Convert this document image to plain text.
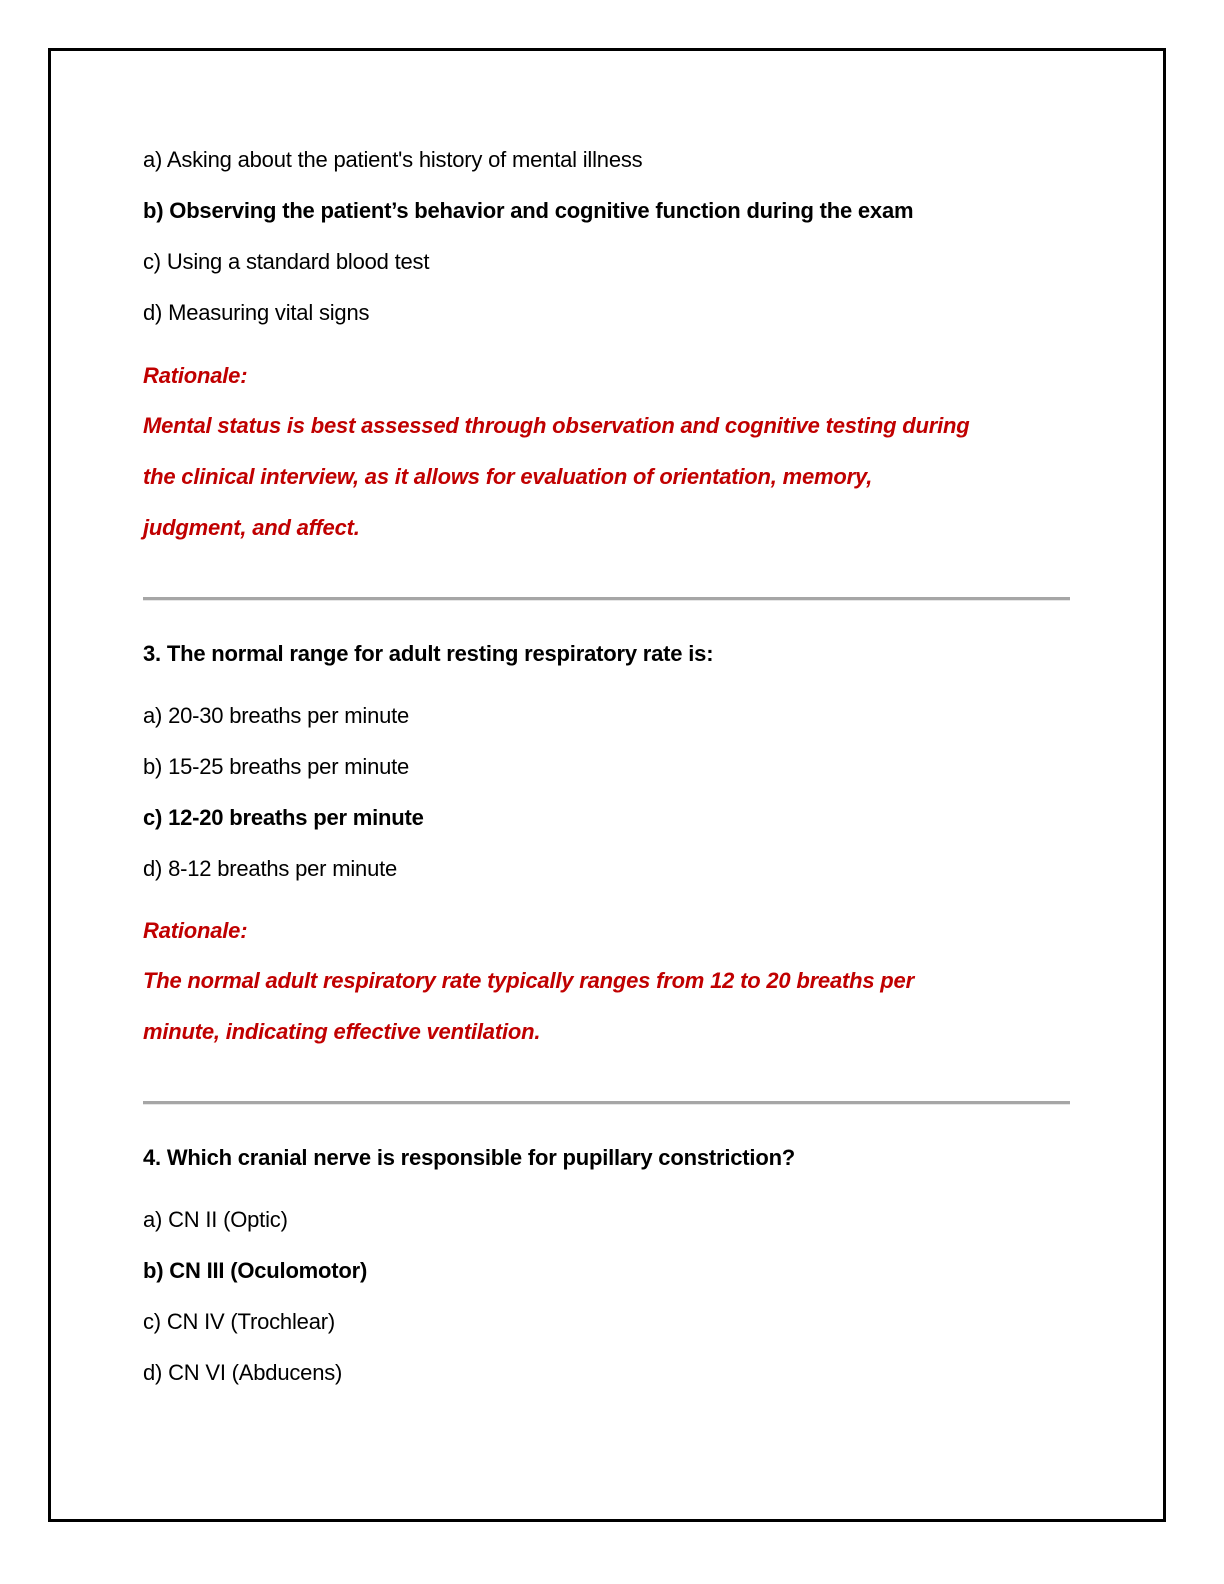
a) Asking about the patient's history of mental illness
b) Observing the patient’s behavior and cognitive function during the exam
c) Using a standard blood test
d) Measuring vital signs
Rationale:
Mental status is best assessed through observation and cognitive testing during
the clinical interview, as it allows for evaluation of orientation, memory,
judgment, and affect.
3. The normal range for adult resting respiratory rate is:
a) 20-30 breaths per minute
b) 15-25 breaths per minute
c) 12-20 breaths per minute
d) 8-12 breaths per minute
Rationale:
The normal adult respiratory rate typically ranges from 12 to 20 breaths per
minute, indicating effective ventilation.
4. Which cranial nerve is responsible for pupillary constriction?
a) CN II (Optic)
b) CN III (Oculomotor)
c) CN IV (Trochlear)
d) CN VI (Abducens)
